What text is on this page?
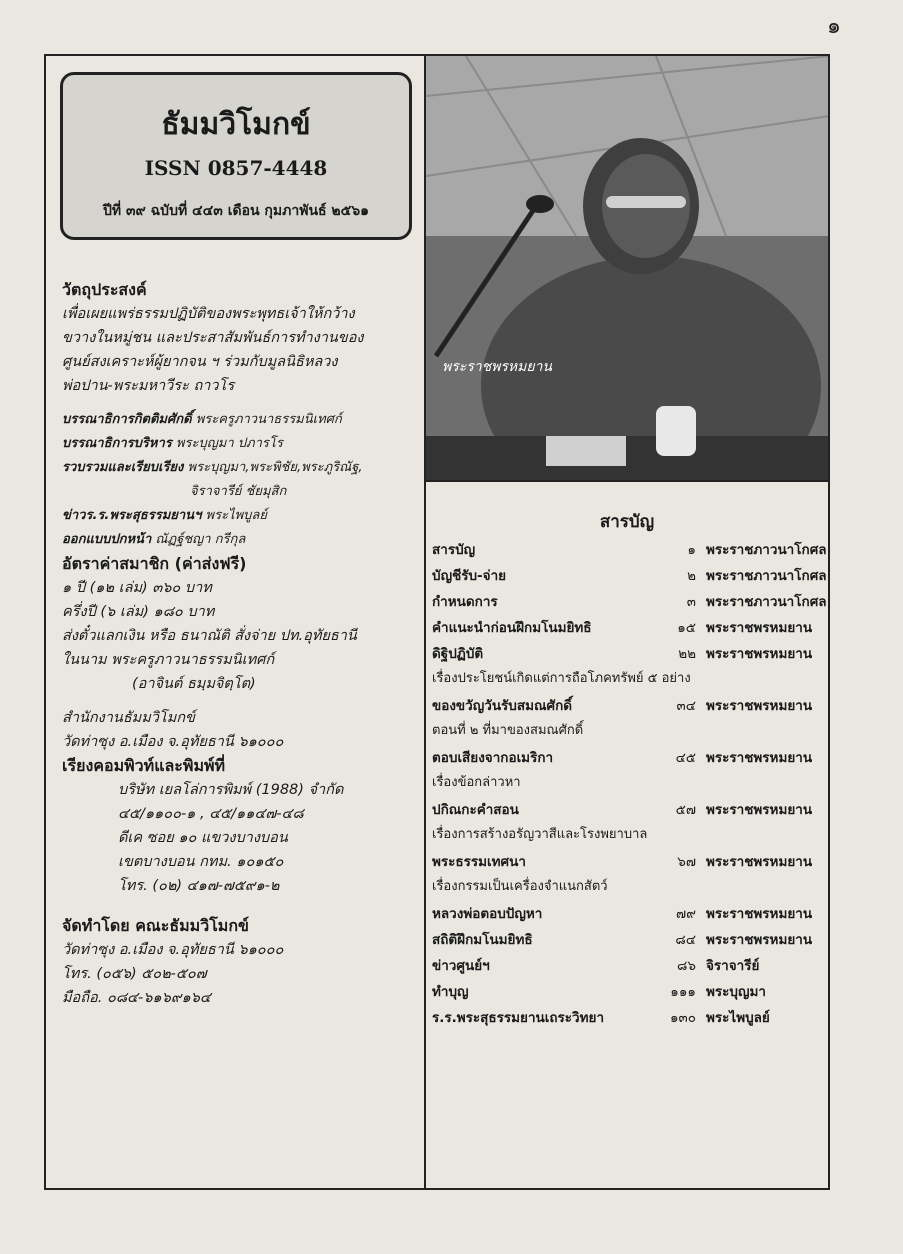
๑
ธัมมวิโมกข์
ISSN 0857-4448
ปีที่ ๓๙ ฉบับที่ ๔๔๓ เดือน กุมภาพันธ์ ๒๕๖๑
วัตถุประสงค์
เพื่อเผยแพร่ธรรมปฏิบัติของพระพุทธเจ้าให้กว้าง
ขวางในหมู่ชน และประสาสัมพันธ์การทำงานของ
ศูนย์สงเคราะห์ผู้ยากจน ฯ ร่วมกับมูลนิธิหลวง
พ่อปาน-พระมหาวีระ ถาวโร
บรรณาธิการกิตติมศักดิ์ พระครูภาวนาธรรมนิเทศก์
บรรณาธิการบริหาร พระบุญมา ปภารโร
รวบรวมและเรียบเรียง พระบุญมา,พระพิชัย,พระภูริณัฐ,
จิราจารีย์ ชัยมุสิก
ข่าวร.ร.พระสุธรรมยานฯ พระไพบูลย์
ออกแบบปกหน้า ณัฏฐ์ชญา กรีกุล
อัตราค่าสมาชิก (ค่าส่งฟรี)
๑ ปี (๑๒ เล่ม) ๓๖๐ บาท
ครึ่งปี (๖ เล่ม) ๑๘๐ บาท
ส่งตั๋วแลกเงิน หรือ ธนาณัติ สั่งจ่าย ปท.อุทัยธานี
ในนาม พระครูภาวนาธรรมนิเทศก์
(อาจินต์ ธมฺมจิตฺโต)
สำนักงานธัมมวิโมกข์
วัดท่าซุง อ.เมือง จ.อุทัยธานี ๖๑๐๐๐
เรียงคอมพิวท์และพิมพ์ที่
บริษัท เยลโล่การพิมพ์ (1988) จำกัด
๔๕/๑๑๐๐-๑ , ๔๕/๑๑๔๗-๔๘
ดีเค ซอย ๑๐ แขวงบางบอน
เขตบางบอน กทม. ๑๐๑๕๐
โทร. (๐๒) ๔๑๗-๗๕๙๑-๒
จัดทำโดย คณะธัมมวิโมกข์
วัดท่าซุง อ.เมือง จ.อุทัยธานี ๖๑๐๐๐
โทร. (๐๕๖) ๕๐๒-๕๐๗
มือถือ. ๐๘๔-๖๑๖๙๑๖๔
พระราชพรหมยาน
สารบัญ
สารบัญ	๑ พระราชภาวนาโกศล
บัญชีรับ-จ่าย	๒ พระราชภาวนาโกศล
กำหนดการ	๓ พระราชภาวนาโกศล
คำแนะนำก่อนฝึกมโนมยิทธิ	๑๕ พระราชพรหมยาน
ดิฐิปฏิบัติ	๒๒ พระราชพรหมยาน
เรื่องประโยชน์เกิดแต่การถือโภคทรัพย์ ๕ อย่าง
ของขวัญวันรับสมณศักดิ์	๓๔ พระราชพรหมยาน
ตอนที่ ๒ ที่มาของสมณศักดิ์
ตอบเสียงจากอเมริกา	๔๕ พระราชพรหมยาน
เรื่องข้อกล่าวหา
ปกิณกะคำสอน	๕๗ พระราชพรหมยาน
เรื่องการสร้างอรัญวาสีและโรงพยาบาล
พระธรรมเทศนา	๖๗ พระราชพรหมยาน
เรื่องกรรมเป็นเครื่องจำแนกสัตว์
หลวงพ่อตอบปัญหา	๗๙ พระราชพรหมยาน
สถิติฝึกมโนมยิทธิ	๘๔ พระราชพรหมยาน
ข่าวศูนย์ฯ	๘๖ จิราจารีย์
ทำบุญ	๑๑๑ พระบุญมา
ร.ร.พระสุธรรมยานเถระวิทยา	๑๓๐ พระไพบูลย์
